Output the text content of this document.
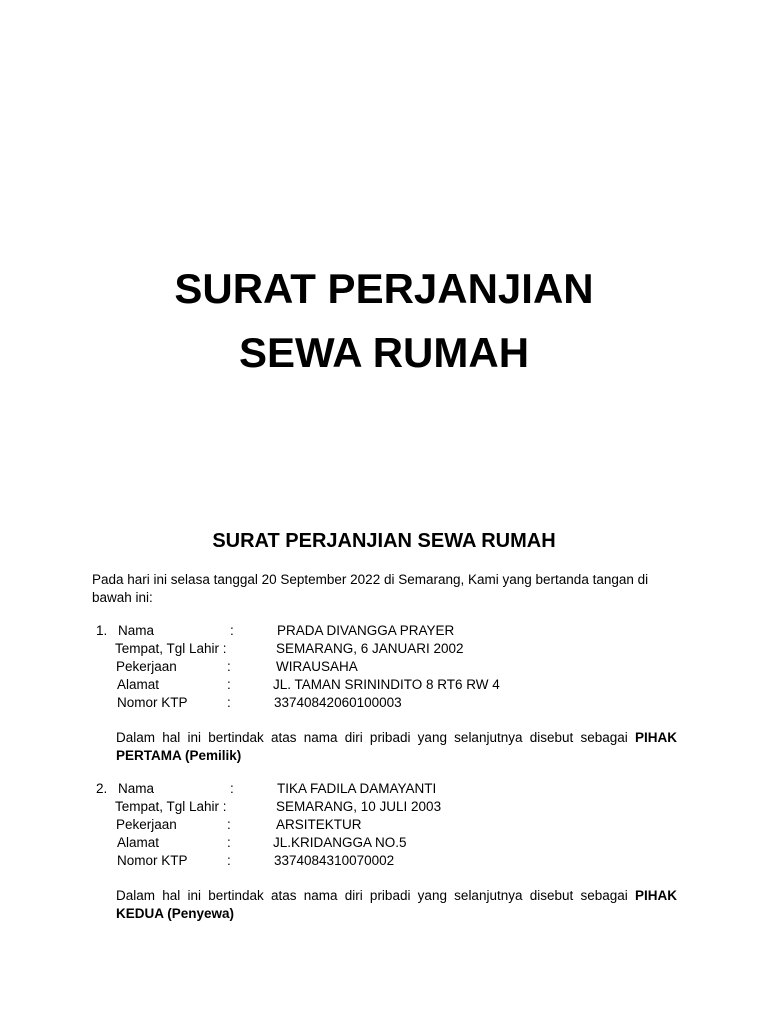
SURAT PERJANJIAN
SEWA RUMAH
SURAT PERJANJIAN SEWA RUMAH
Pada hari ini selasa tanggal 20 September 2022 di Semarang, Kami yang bertanda tangan di bawah ini:
1. Nama	:	PRADA DIVANGGA PRAYER
Tempat, Tgl Lahir :	SEMARANG, 6 JANUARI 2002
Pekerjaan	:	WIRAUSAHA
Alamat	:	JL. TAMAN SRININDITO 8 RT6 RW 4
Nomor KTP	:	33740842060100003
Dalam hal ini bertindak atas nama diri pribadi yang selanjutnya disebut sebagai PIHAK PERTAMA (Pemilik)
2. Nama	:	TIKA FADILA DAMAYANTI
Tempat, Tgl Lahir :	SEMARANG, 10 JULI 2003
Pekerjaan	:	ARSITEKTUR
Alamat	:	JL.KRIDANGGA NO.5
Nomor KTP	:	3374084310070002
Dalam hal ini bertindak atas nama diri pribadi yang selanjutnya disebut sebagai PIHAK KEDUA (Penyewa)
